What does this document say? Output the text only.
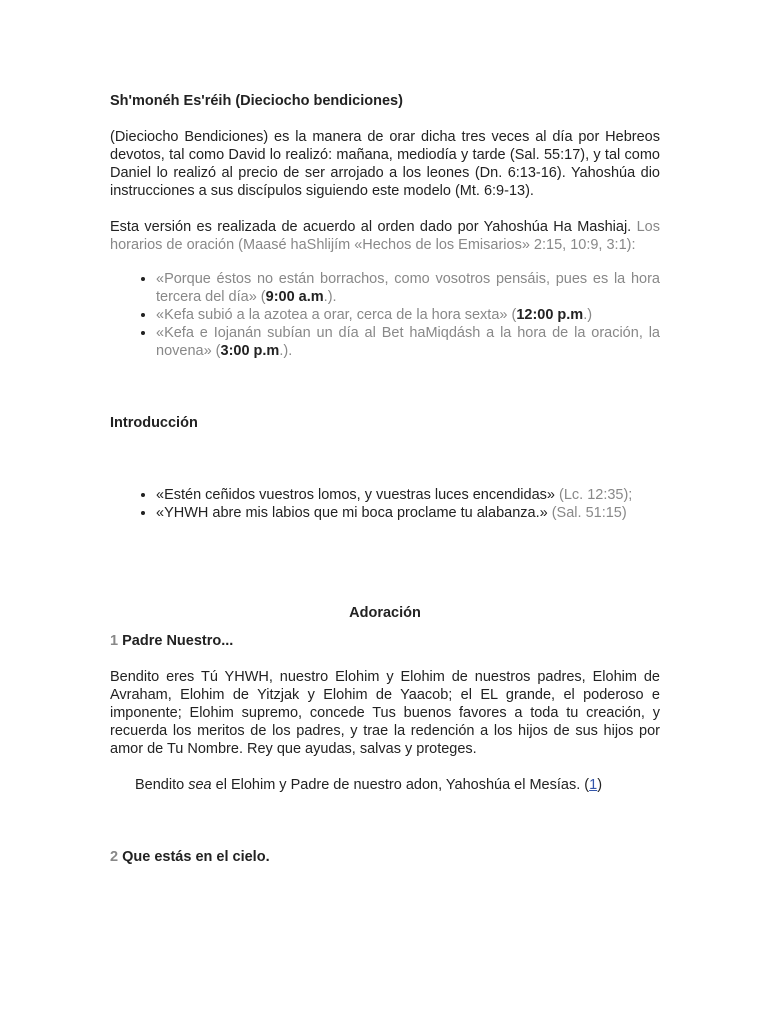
Sh'monéh Es'réih (Dieciocho bendiciones)

(Dieciocho Bendiciones) es la manera de orar dicha tres veces al día por Hebreos devotos, tal como David lo realizó: mañana, mediodía y tarde (Sal. 55:17), y tal como Daniel lo realizó al precio de ser arrojado a los leones (Dn. 6:13-16). Yahoshúa dio instrucciones a sus discípulos siguiendo este modelo (Mt. 6:9-13).

Esta versión es realizada de acuerdo al orden dado por Yahoshúa Ha Mashiaj. Los horarios de oración (Maasé haShlijím «Hechos de los Emisarios» 2:15, 10:9, 3:1):

• «Porque éstos no están borrachos, como vosotros pensáis, pues es la hora tercera del día» (9:00 a.m.).
• «Kefa subió a la azotea a orar, cerca de la hora sexta» (12:00 p.m.)
• «Kefa e Iojanán subían un día al Bet haMiqdásh a la hora de la oración, la novena» (3:00 p.m.).
Introducción
• «Estén ceñidos vuestros lomos, y vuestras luces encendidas» (Lc. 12:35);
• «YHWH abre mis labios que mi boca proclame tu alabanza.» (Sal. 51:15)
Adoración
1 Padre Nuestro...

Bendito eres Tú YHWH, nuestro Elohim y Elohim de nuestros padres, Elohim de Avraham, Elohim de Yitzjak y Elohim de Yaacob; el EL grande, el poderoso e imponente; Elohim supremo, concede Tus buenos favores a toda tu creación, y recuerda los meritos de los padres, y trae la redención a los hijos de sus hijos por amor de Tu Nombre. Rey que ayudas, salvas y proteges.

Bendito sea el Elohim y Padre de nuestro adon, Yahoshúa el Mesías. (1)

2 Que estás en el cielo.
